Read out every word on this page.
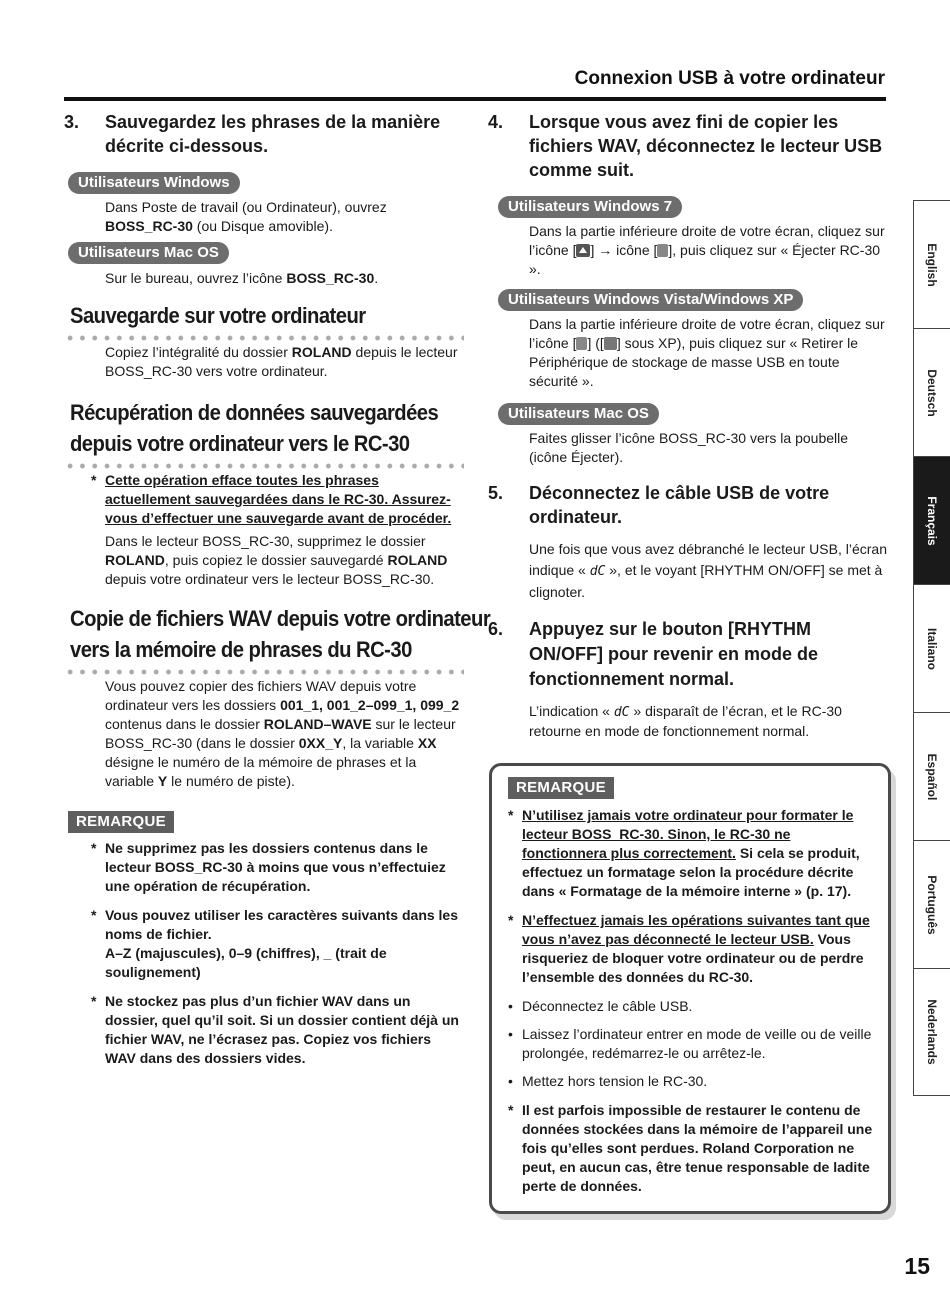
Connexion USB à votre ordinateur
3.	Sauvegardez les phrases de la manière décrite ci-dessous.
Utilisateurs Windows
Dans Poste de travail (ou Ordinateur), ouvrez
BOSS_RC-30 (ou Disque amovible).
Utilisateurs Mac OS
Sur le bureau, ouvrez l’icône BOSS_RC-30.
Sauvegarde sur votre ordinateur
Copiez l’intégralité du dossier ROLAND depuis le lecteur BOSS_RC-30 vers votre ordinateur.
Récupération de données sauvegardées
depuis votre ordinateur vers le RC-30
* Cette opération efface toutes les phrases actuellement sauvegardées dans le RC-30. Assurez-vous d’effectuer une sauvegarde avant de procéder.
Dans le lecteur BOSS_RC-30, supprimez le dossier ROLAND, puis copiez le dossier sauvegardé ROLAND depuis votre ordinateur vers le lecteur BOSS_RC-30.
Copie de fichiers WAV depuis votre ordinateur
vers la mémoire de phrases du RC-30
Vous pouvez copier des fichiers WAV depuis votre ordinateur vers les dossiers 001_1, 001_2–099_1, 099_2 contenus dans le dossier ROLAND–WAVE sur le lecteur BOSS_RC-30 (dans le dossier 0XX_Y, la variable XX désigne le numéro de la mémoire de phrases et la variable Y le numéro de piste).
REMARQUE
* Ne supprimez pas les dossiers contenus dans le lecteur BOSS_RC-30 à moins que vous n’effectuiez une opération de récupération.
* Vous pouvez utiliser les caractères suivants dans les noms de fichier.
A–Z (majuscules), 0–9 (chiffres), _ (trait de soulignement)
* Ne stockez pas plus d’un fichier WAV dans un dossier, quel qu’il soit. Si un dossier contient déjà un fichier WAV, ne l’écrasez pas. Copiez vos fichiers WAV dans des dossiers vides.
4.	Lorsque vous avez fini de copier les fichiers WAV, déconnectez le lecteur USB comme suit.
Utilisateurs Windows 7
Dans la partie inférieure droite de votre écran, cliquez sur l’icône [ ] → icône [ ], puis cliquez sur « Éjecter RC-30 ».
Utilisateurs Windows Vista/Windows XP
Dans la partie inférieure droite de votre écran, cliquez sur l’icône [ ] ([ ] sous XP), puis cliquez sur « Retirer le Périphérique de stockage de masse USB en toute sécurité ».
Utilisateurs Mac OS
Faites glisser l’icône BOSS_RC-30 vers la poubelle (icône Éjecter).
5.	Déconnectez le câble USB de votre ordinateur.
Une fois que vous avez débranché le lecteur USB, l’écran indique « dC », et le voyant [RHYTHM ON/OFF] se met à clignoter.
6.	Appuyez sur le bouton [RHYTHM ON/OFF] pour revenir en mode de fonctionnement normal.
L’indication « dC » disparaît de l’écran, et le RC-30 retourne en mode de fonctionnement normal.
REMARQUE
* N’utilisez jamais votre ordinateur pour formater le lecteur BOSS_RC-30. Sinon, le RC-30 ne fonctionnera plus correctement. Si cela se produit, effectuez un formatage selon la procédure décrite dans « Formatage de la mémoire interne » (p. 17).
* N’effectuez jamais les opérations suivantes tant que vous n’avez pas déconnecté le lecteur USB. Vous risqueriez de bloquer votre ordinateur ou de perdre l’ensemble des données du RC-30.
• Déconnectez le câble USB.
• Laissez l’ordinateur entrer en mode de veille ou de veille prolongée, redémarrez-le ou arrêtez-le.
• Mettez hors tension le RC-30.
* Il est parfois impossible de restaurer le contenu de données stockées dans la mémoire de l’appareil une fois qu’elles sont perdues. Roland Corporation ne peut, en aucun cas, être tenue responsable de ladite perte de données.
English
Deutsch
Français
Italiano
Español
Português
Nederlands
15
